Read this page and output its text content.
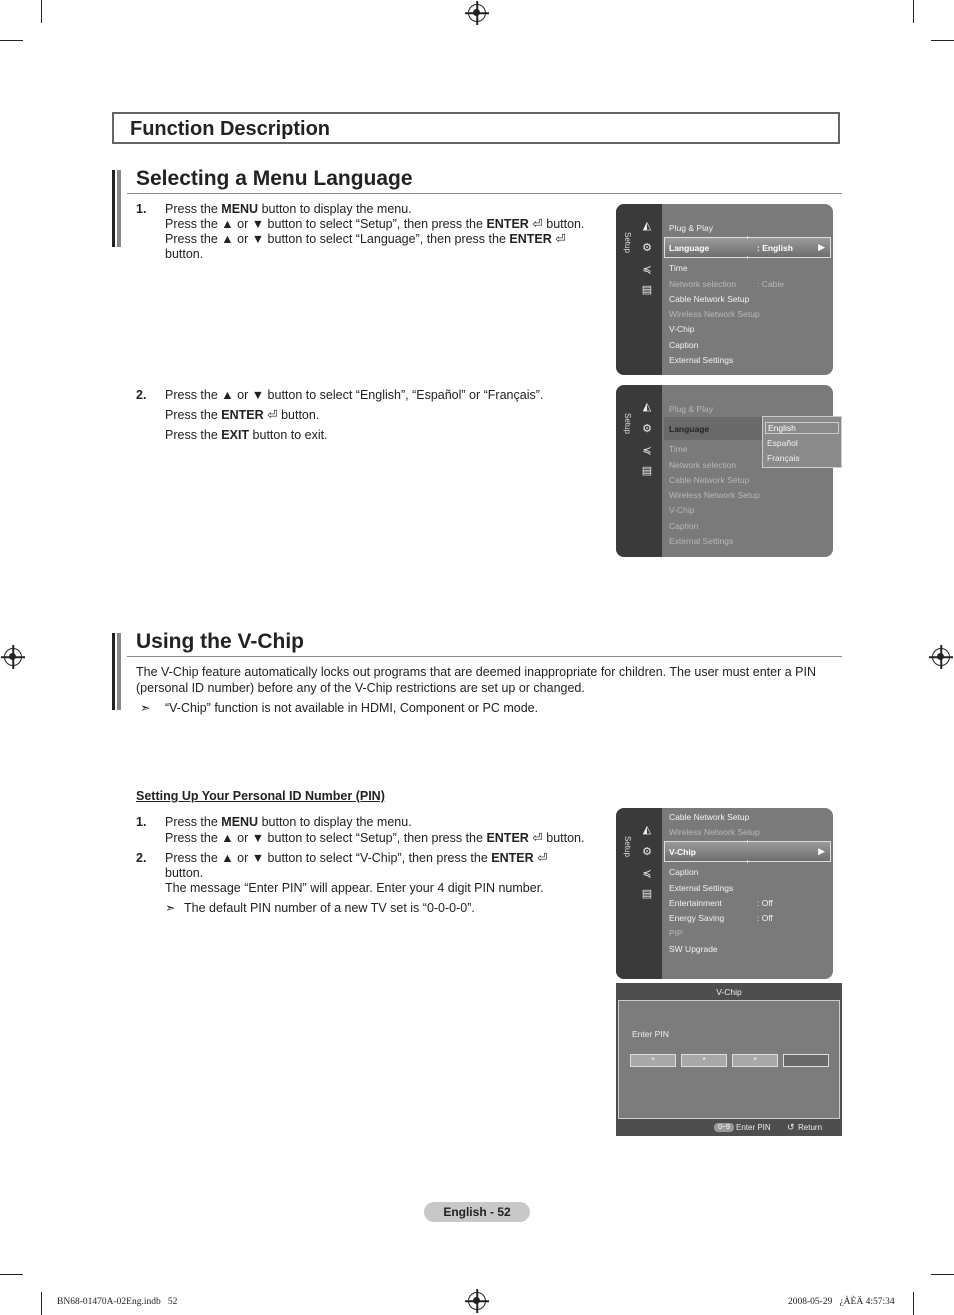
Function Description
Selecting a Menu Language
1. Press the MENU button to display the menu.
Press the ▲ or ▼ button to select “Setup”, then press the ENTER ⏎ button.
Press the ▲ or ▼ button to select “Language”, then press the ENTER ⏎
button.
2. Press the ▲ or ▼ button to select “English”, “Español” or “Français”.
Press the ENTER ⏎ button.
Press the EXIT button to exit.
Setup
◭
⚙
≼
▤
Plug & Play
Language	: English	▶
Time
Network selection : Cable
Cable Network Setup
Wireless Network Setup
V-Chip
Caption
External Settings
Setup
◭
⚙
≼
▤
Plug & Play
Language
Time
Network selection
Cable Network Setup
Wireless Network Setup
V-Chip
Caption
External Settings
English
Español
Français
Using the V-Chip
The V-Chip feature automatically locks out programs that are deemed inappropriate for children. The user must enter a PIN
(personal ID number) before any of the V-Chip restrictions are set up or changed.
➣ “V-Chip” function is not available in HDMI, Component or PC mode.
Setting Up Your Personal ID Number (PIN)
1. Press the MENU button to display the menu.
Press the ▲ or ▼ button to select “Setup”, then press the ENTER ⏎ button.
2. Press the ▲ or ▼ button to select “V-Chip”, then press the ENTER ⏎
button.
The message “Enter PIN” will appear. Enter your 4 digit PIN number.
➣ The default PIN number of a new TV set is “0-0-0-0”.
Setup
◭
⚙
≼
▤
Cable Network Setup
Wireless Network Setup
V-Chip	▶
Caption
External Settings
Entertainment	: Off
Energy Saving	: Off
PIP
SW Upgrade
V-Chip
Enter PIN
*	*	*
0~9 Enter PIN ↺ Return
English - 52
BN68-01470A-02Eng.indb   52	2008-05-29   ¿ÀÈÄ 4:57:34
